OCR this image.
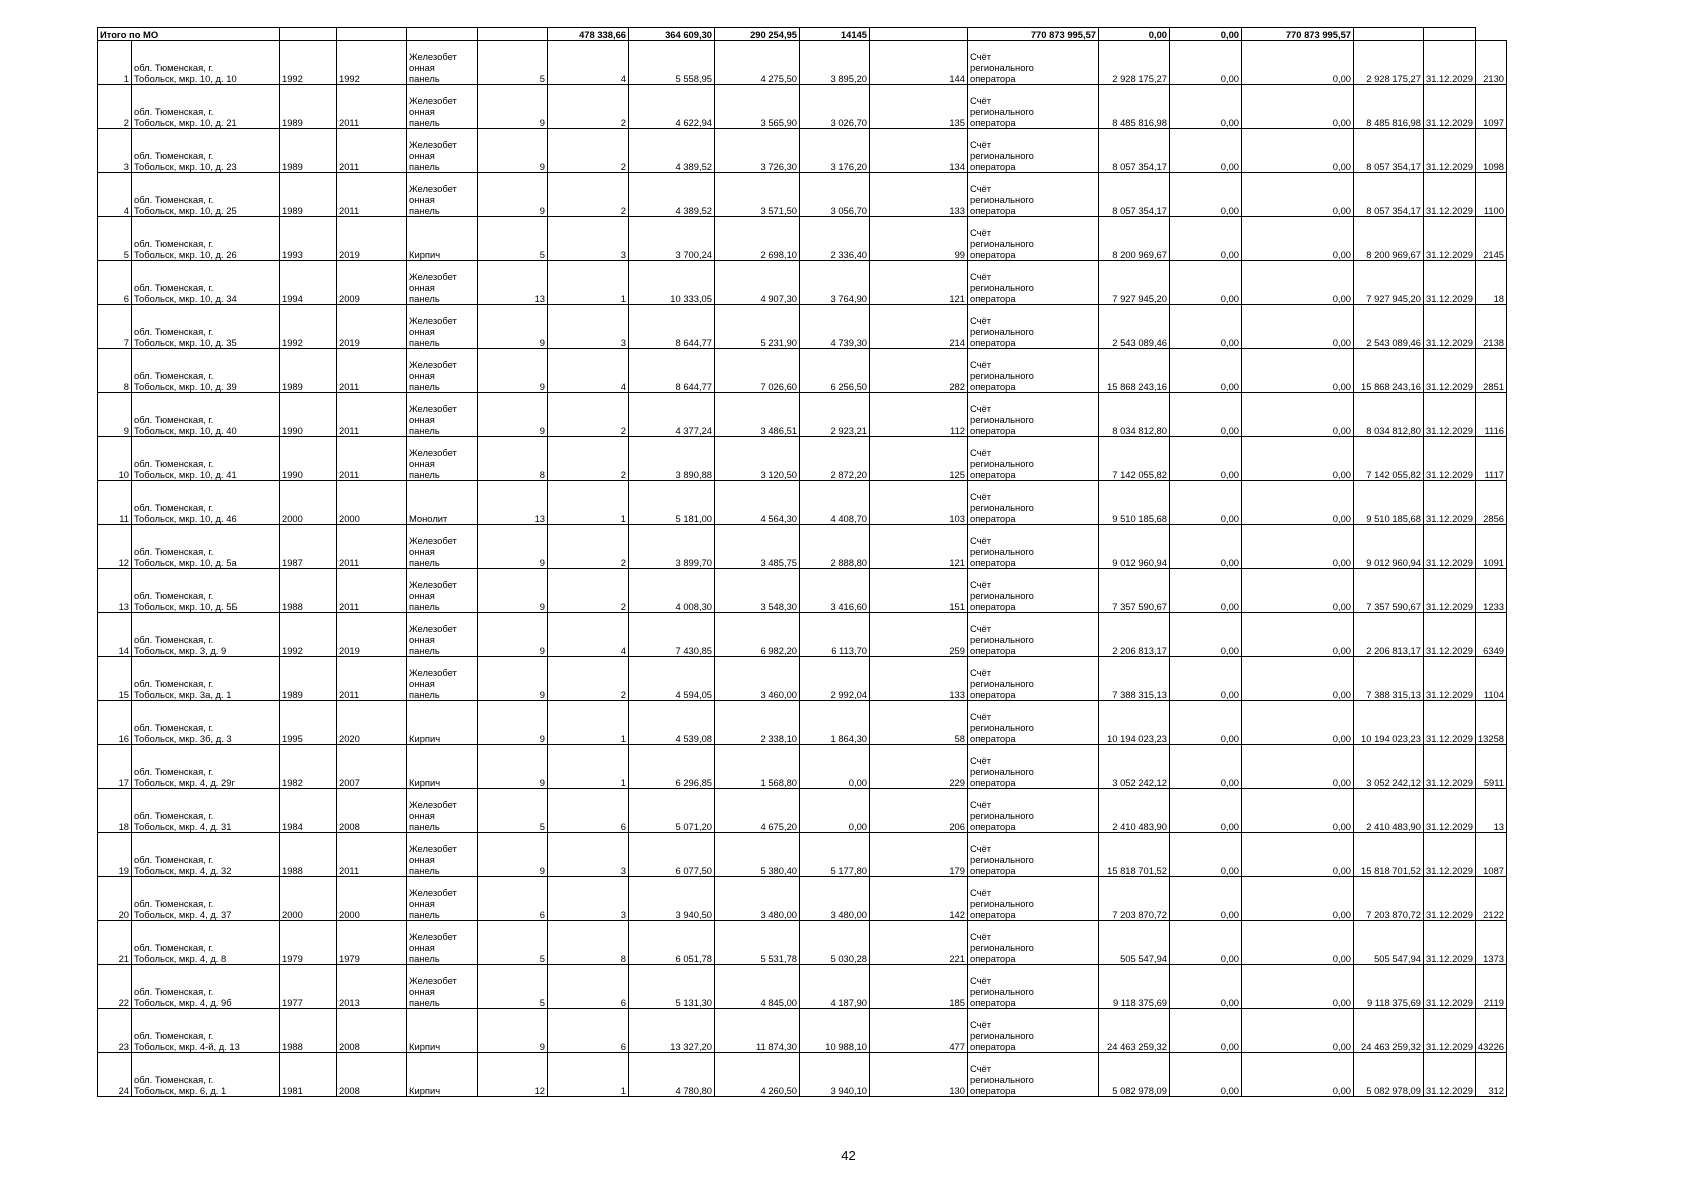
Итого по МО						478 338,66	364 609,30	290 254,95	14145		770 873 995,57	0,00	0,00	770 873 995,57			
1	обл. Тюменская, г.
Тобольск, мкр. 10, д. 10	1992	1992	Железобет
онная
панель	5	4	5 558,95	4 275,50	3 895,20	144	Счёт
регионального
оператора	2 928 175,27	0,00	0,00	2 928 175,27	31.12.2029	2130
2	обл. Тюменская, г.
Тобольск, мкр. 10, д. 21	1989	2011	Железобет
онная
панель	9	2	4 622,94	3 565,90	3 026,70	135	Счёт
регионального
оператора	8 485 816,98	0,00	0,00	8 485 816,98	31.12.2029	1097
3	обл. Тюменская, г.
Тобольск, мкр. 10, д. 23	1989	2011	Железобет
онная
панель	9	2	4 389,52	3 726,30	3 176,20	134	Счёт
регионального
оператора	8 057 354,17	0,00	0,00	8 057 354,17	31.12.2029	1098
4	обл. Тюменская, г.
Тобольск, мкр. 10, д. 25	1989	2011	Железобет
онная
панель	9	2	4 389,52	3 571,50	3 056,70	133	Счёт
регионального
оператора	8 057 354,17	0,00	0,00	8 057 354,17	31.12.2029	1100
5	обл. Тюменская, г.
Тобольск, мкр. 10, д. 26	1993	2019	Кирпич	5	3	3 700,24	2 698,10	2 336,40	99	Счёт
регионального
оператора	8 200 969,67	0,00	0,00	8 200 969,67	31.12.2029	2145
6	обл. Тюменская, г.
Тобольск, мкр. 10, д. 34	1994	2009	Железобет
онная
панель	13	1	10 333,05	4 907,30	3 764,90	121	Счёт
регионального
оператора	7 927 945,20	0,00	0,00	7 927 945,20	31.12.2029	18
7	обл. Тюменская, г.
Тобольск, мкр. 10, д. 35	1992	2019	Железобет
онная
панель	9	3	8 644,77	5 231,90	4 739,30	214	Счёт
регионального
оператора	2 543 089,46	0,00	0,00	2 543 089,46	31.12.2029	2138
8	обл. Тюменская, г.
Тобольск, мкр. 10, д. 39	1989	2011	Железобет
онная
панель	9	4	8 644,77	7 026,60	6 256,50	282	Счёт
регионального
оператора	15 868 243,16	0,00	0,00	15 868 243,16	31.12.2029	2851
9	обл. Тюменская, г.
Тобольск, мкр. 10, д. 40	1990	2011	Железобет
онная
панель	9	2	4 377,24	3 486,51	2 923,21	112	Счёт
регионального
оператора	8 034 812,80	0,00	0,00	8 034 812,80	31.12.2029	1116
10	обл. Тюменская, г.
Тобольск, мкр. 10, д. 41	1990	2011	Железобет
онная
панель	8	2	3 890,88	3 120,50	2 872,20	125	Счёт
регионального
оператора	7 142 055,82	0,00	0,00	7 142 055,82	31.12.2029	1117
11	обл. Тюменская, г.
Тобольск, мкр. 10, д. 46	2000	2000	Монолит	13	1	5 181,00	4 564,30	4 408,70	103	Счёт
регионального
оператора	9 510 185,68	0,00	0,00	9 510 185,68	31.12.2029	2856
12	обл. Тюменская, г.
Тобольск, мкр. 10, д. 5а	1987	2011	Железобет
онная
панель	9	2	3 899,70	3 485,75	2 888,80	121	Счёт
регионального
оператора	9 012 960,94	0,00	0,00	9 012 960,94	31.12.2029	1091
13	обл. Тюменская, г.
Тобольск, мкр. 10, д. 5Б	1988	2011	Железобет
онная
панель	9	2	4 008,30	3 548,30	3 416,60	151	Счёт
регионального
оператора	7 357 590,67	0,00	0,00	7 357 590,67	31.12.2029	1233
14	обл. Тюменская, г.
Тобольск, мкр. 3, д. 9	1992	2019	Железобет
онная
панель	9	4	7 430,85	6 982,20	6 113,70	259	Счёт
регионального
оператора	2 206 813,17	0,00	0,00	2 206 813,17	31.12.2029	6349
15	обл. Тюменская, г.
Тобольск, мкр. 3а, д. 1	1989	2011	Железобет
онная
панель	9	2	4 594,05	3 460,00	2 992,04	133	Счёт
регионального
оператора	7 388 315,13	0,00	0,00	7 388 315,13	31.12.2029	1104
16	обл. Тюменская, г.
Тобольск, мкр. 3б, д. 3	1995	2020	Кирпич	9	1	4 539,08	2 338,10	1 864,30	58	Счёт
регионального
оператора	10 194 023,23	0,00	0,00	10 194 023,23	31.12.2029	13258
17	обл. Тюменская, г.
Тобольск, мкр. 4, д. 29г	1982	2007	Кирпич	9	1	6 296,85	1 568,80	0,00	229	Счёт
регионального
оператора	3 052 242,12	0,00	0,00	3 052 242,12	31.12.2029	5911
18	обл. Тюменская, г.
Тобольск, мкр. 4, д. 31	1984	2008	Железобет
онная
панель	5	6	5 071,20	4 675,20	0,00	206	Счёт
регионального
оператора	2 410 483,90	0,00	0,00	2 410 483,90	31.12.2029	13
19	обл. Тюменская, г.
Тобольск, мкр. 4, д. 32	1988	2011	Железобет
онная
панель	9	3	6 077,50	5 380,40	5 177,80	179	Счёт
регионального
оператора	15 818 701,52	0,00	0,00	15 818 701,52	31.12.2029	1087
20	обл. Тюменская, г.
Тобольск, мкр. 4, д. 37	2000	2000	Железобет
онная
панель	6	3	3 940,50	3 480,00	3 480,00	142	Счёт
регионального
оператора	7 203 870,72	0,00	0,00	7 203 870,72	31.12.2029	2122
21	обл. Тюменская, г.
Тобольск, мкр. 4, д. 8	1979	1979	Железобет
онная
панель	5	8	6 051,78	5 531,78	5 030,28	221	Счёт
регионального
оператора	505 547,94	0,00	0,00	505 547,94	31.12.2029	1373
22	обл. Тюменская, г.
Тобольск, мкр. 4, д. 9б	1977	2013	Железобет
онная
панель	5	6	5 131,30	4 845,00	4 187,90	185	Счёт
регионального
оператора	9 118 375,69	0,00	0,00	9 118 375,69	31.12.2029	2119
23	обл. Тюменская, г.
Тобольск, мкр. 4-й, д. 13	1988	2008	Кирпич	9	6	13 327,20	11 874,30	10 988,10	477	Счёт
регионального
оператора	24 463 259,32	0,00	0,00	24 463 259,32	31.12.2029	43226
24	обл. Тюменская, г.
Тобольск, мкр. 6, д. 1	1981	2008	Кирпич	12	1	4 780,80	4 260,50	3 940,10	130	Счёт
регионального
оператора	5 082 978,09	0,00	0,00	5 082 978,09	31.12.2029	312
42
